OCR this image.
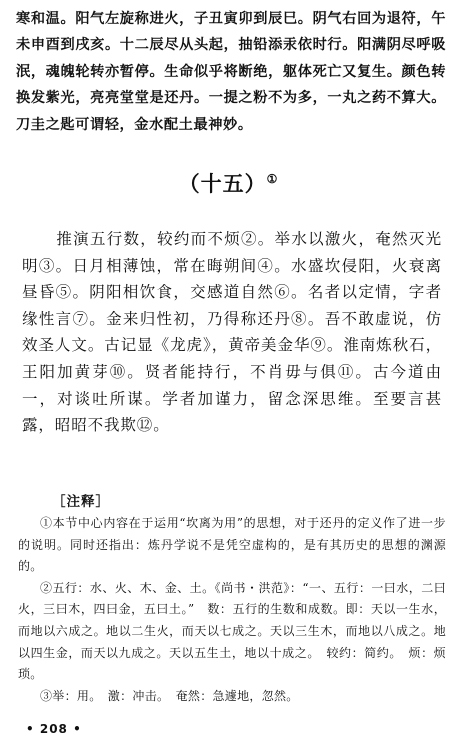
寒和温。阳气左旋称进火，子丑寅卯到辰巳。阴气右回为退符，午未申酉到戌亥。十二辰尽从头起，抽铅添汞依时行。阳满阴尽呼吸泯，魂魄轮转亦暂停。生命似乎将断绝，躯体死亡又复生。颜色转换发紫光，亮亮堂堂是还丹。一提之粉不为多，一丸之药不算大。刀圭之匙可谓轻，金水配土最神妙。
（十五）①
推演五行数，较约而不烦②。举水以激火，奄然灭光明③。日月相薄蚀，常在晦朔间④。水盛坎侵阳，火衰离昼昏⑤。阴阳相饮食，交感道自然⑥。名者以定情，字者缘性言⑦。金来归性初，乃得称还丹⑧。吾不敢虚说，仿效圣人文。古记显《龙虎》，黄帝美金华⑨。淮南炼秋石，王阳加黄芽⑩。贤者能持行，不肖毋与俱⑪。古今道由一，对谈吐所谋。学者加谨力，留念深思维。至要言甚露，昭昭不我欺⑫。
［注释］

①本节中心内容在于运用“坎离为用”的思想，对于还丹的定义作了进一步的说明。同时还指出：炼丹学说不是凭空虚构的，是有其历史的思想的渊源的。

②五行：水、火、木、金、土。《尚书・洪范》：“一、五行：一曰水，二曰火，三曰木，四曰金，五曰土。”　数：五行的生数和成数。即：天以一生水，而地以六成之。地以二生火，而天以七成之。天以三生木，而地以八成之。地以四生金，而天以九成之。天以五生土，地以十成之。　较约：简约。　烦：烦琐。

③举：用。　激：冲击。　奄然：急遽地，忽然。

• 208 •
